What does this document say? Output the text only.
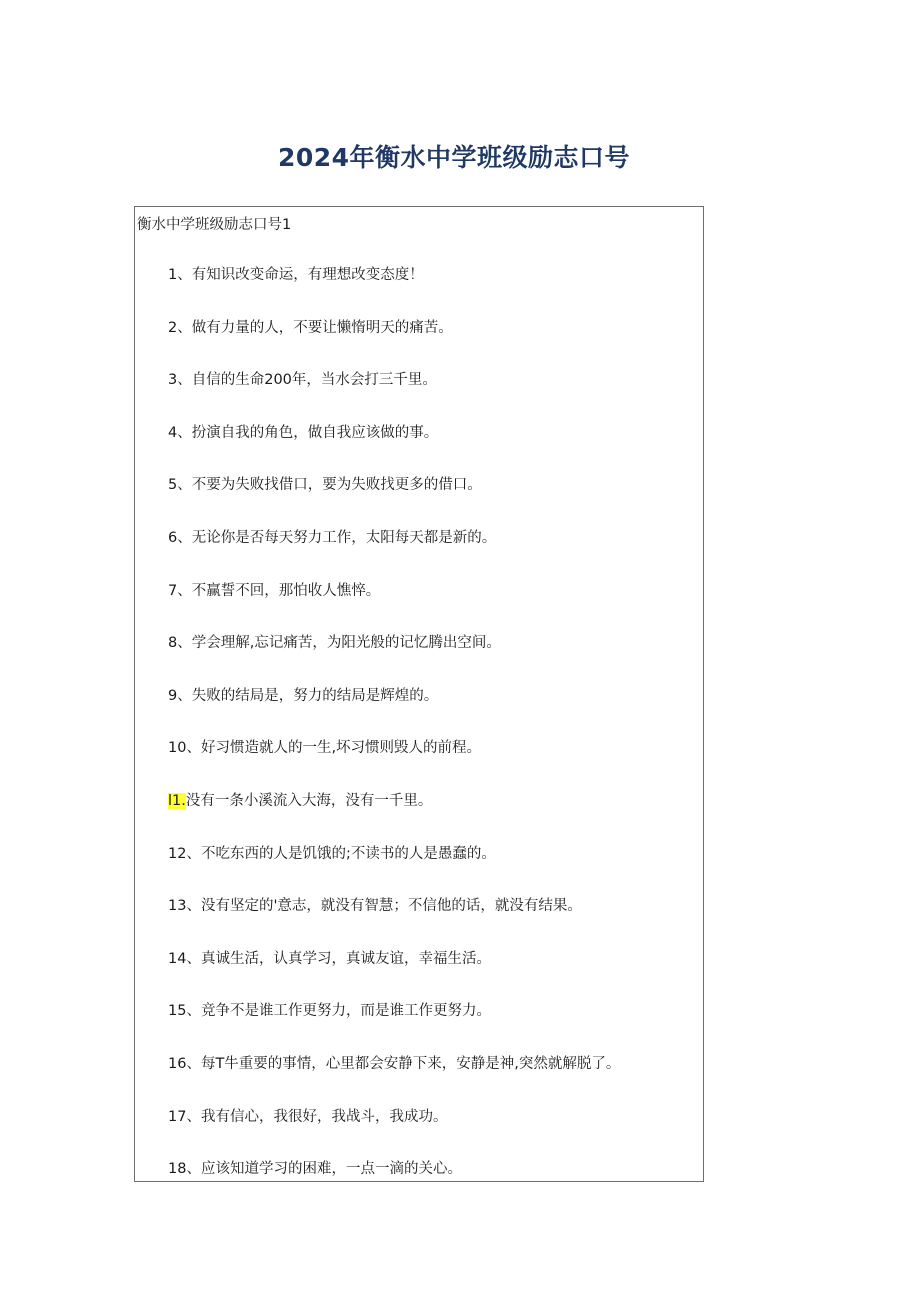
2024年衡水中学班级励志口号
衡水中学班级励志口号1
1、有知识改变命运，有理想改变态度！
2、做有力量的人，不要让懒惰明天的痛苦。
3、自信的生命200年，当水会打三千里。
4、扮演自我的角色，做自我应该做的事。
5、不要为失败找借口，要为失败找更多的借口。
6、无论你是否每天努力工作，太阳每天都是新的。
7、不赢誓不回，那怕收人憔悴。
8、学会理解,忘记痛苦，为阳光般的记忆腾出空间。
9、失败的结局是，努力的结局是辉煌的。
10、好习惯造就人的一生,坏习惯则毁人的前程。
l1.没有一条小溪流入大海，没有一千里。
12、不吃东西的人是饥饿的;不读书的人是愚蠢的。
13、没有坚定的'意志，就没有智慧；不信他的话，就没有结果。
14、真诚生活，认真学习，真诚友谊，幸福生活。
15、竞争不是谁工作更努力，而是谁工作更努力。
16、每T牛重要的事情，心里都会安静下来，安静是神,突然就解脱了。
17、我有信心，我很好，我战斗，我成功。
18、应该知道学习的困难，一点一滴的关心。
